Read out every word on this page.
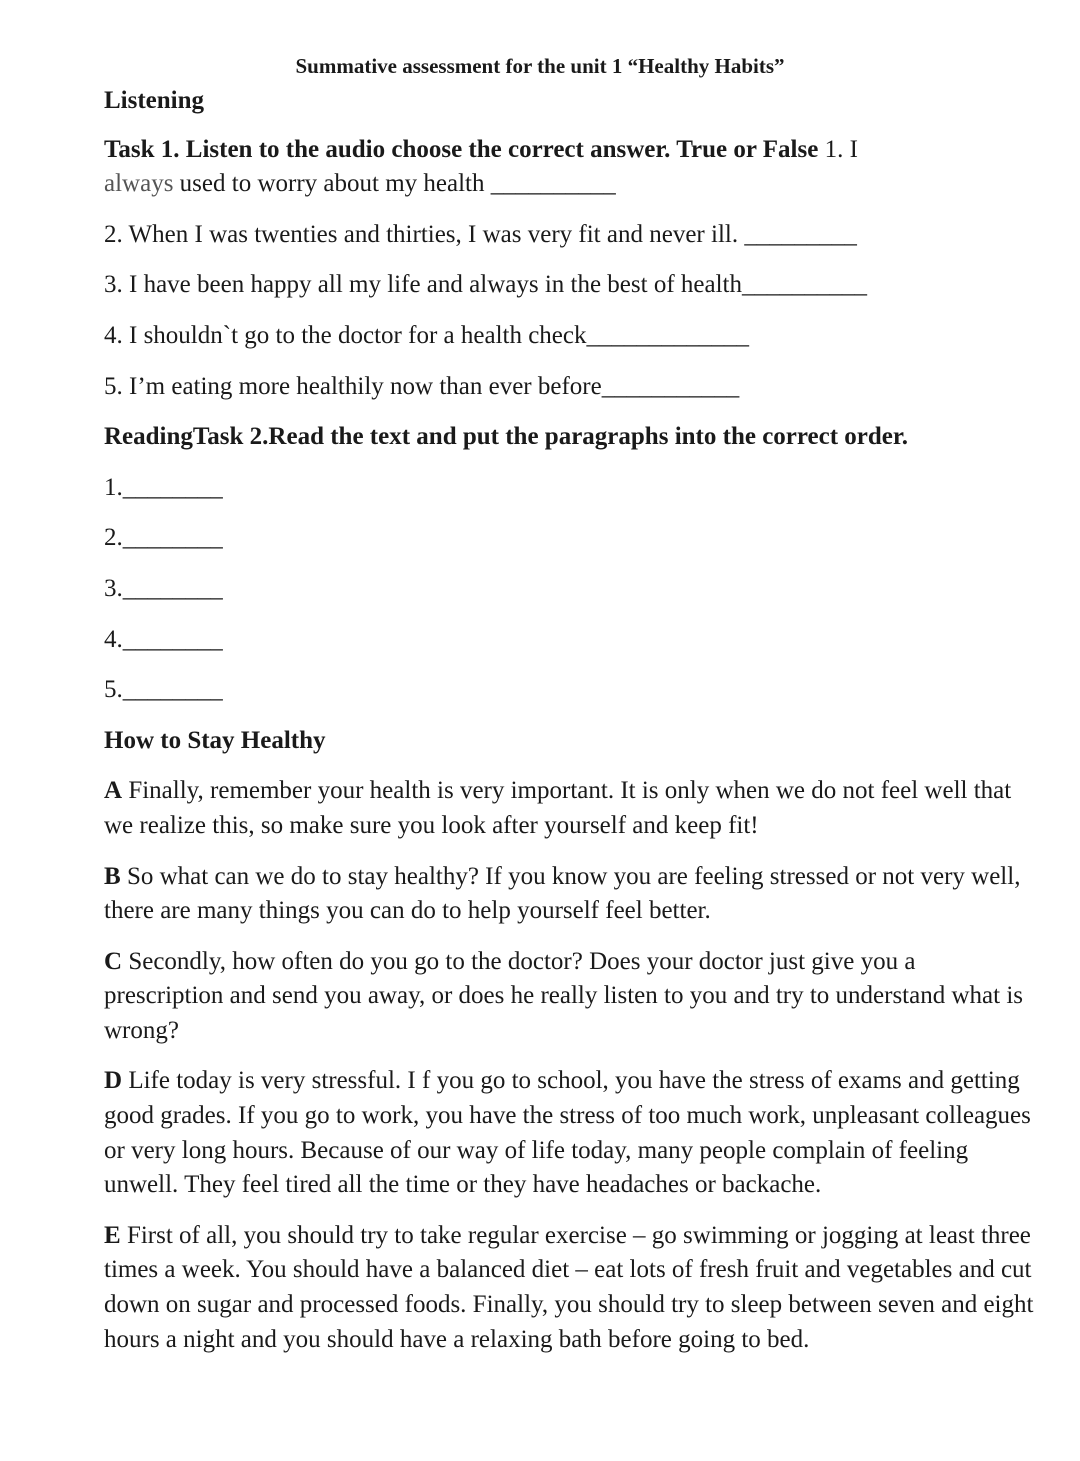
Summative assessment for the unit 1 “Healthy Habits”

Listening

Task 1. Listen to the audio choose the correct answer. True or False 1. I
always used to worry about my health __________

2. When I was twenties and thirties, I was very fit and never ill. _________

3. I have been happy all my life and always in the best of health__________

4. I shouldn`t go to the doctor for a health check_____________

5. I’m eating more healthily now than ever before___________

ReadingTask 2.Read the text and put the paragraphs into the correct order.

1.________

2.________

3.________

4.________

5.________

How to Stay Healthy

A Finally, remember your health is very important. It is only when we do not feel well that we realize this, so make sure you look after yourself and keep fit!

B So what can we do to stay healthy? If you know you are feeling stressed or not very well, there are many things you can do to help yourself feel better.

C Secondly, how often do you go to the doctor? Does your doctor just give you a prescription and send you away, or does he really listen to you and try to understand what is wrong?

D Life today is very stressful. I f you go to school, you have the stress of exams and getting good grades. If you go to work, you have the stress of too much work, unpleasant colleagues or very long hours. Because of our way of life today, many people complain of feeling unwell. They feel tired all the time or they have headaches or backache.

E First of all, you should try to take regular exercise – go swimming or jogging at least three times a week. You should have a balanced diet – eat lots of fresh fruit and vegetables and cut down on sugar and processed foods. Finally, you should try to sleep between seven and eight hours a night and you should have a relaxing bath before going to bed.
